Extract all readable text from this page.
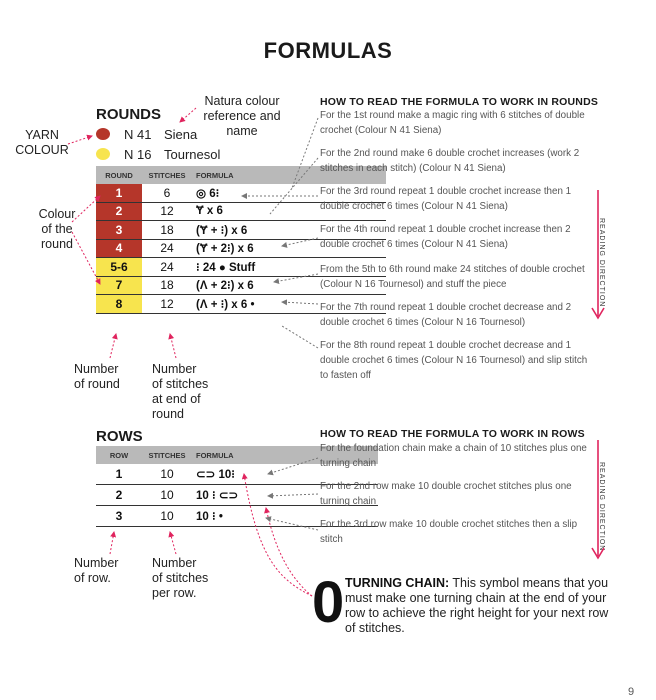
FORMULAS
ROUNDS
Natura colour
reference and
name
YARN
COLOUR
N 41 Siena
N 16 Tournesol
Colour
of the
round
ROUND	STITCHES	FORMULA
1	6	◎ 6⁝
2	12	Ɏ x 6
3	18	(Ɏ + ⁝) x 6
4	24	(Ɏ + 2⁝) x 6
5-6	24	⁝ 24 ● Stuff
7	18	(Ʌ + 2⁝) x 6
8	12	(Ʌ + ⁝) x 6 •
Number
of round
Number
of stitches
at end of
round
HOW TO READ THE FORMULA TO WORK IN ROUNDS
For the 1st round make a magic ring with 6 stitches of double crochet (Colour N 41 Siena)
For the 2nd round make 6 double crochet increases (work 2 stitches in each stitch) (Colour N 41 Siena)
For the 3rd round repeat 1 double crochet increase then 1 double crochet 6 times (Colour N 41 Siena)
For the 4th round repeat 1 double crochet increase then 2 double crochet 6 times (Colour N 41 Siena)
From the 5th to 6th round make 24 stitches of double crochet (Colour N 16 Tournesol) and stuff the piece
For the 7th round repeat 1 double crochet decrease and 2 double crochet 6 times (Colour N 16 Tournesol)
For the 8th round repeat 1 double crochet decrease and 1 double crochet 6 times (Colour N 16 Tournesol) and slip stitch to fasten off
READING DIRECTION
ROWS
ROW	STITCHES	FORMULA
1	10	⊂⊃ 10⁝
2	10	10 ⁝ ⊂⊃
3	10	10 ⁝ •
Number
of row.
Number
of stitches
per row.
HOW TO READ THE FORMULA TO WORK IN ROWS
For the foundation chain make a chain of 10 stitches plus one turning chain
For the 2nd row make 10 double crochet stitches plus one turning chain
For the 3rd row make 10 double crochet stitches then a slip stitch	READING DIRECTION
0 TURNING CHAIN: This symbol means that you must make one turning chain at the end of your row to achieve the right height for your next row of stitches.
9
